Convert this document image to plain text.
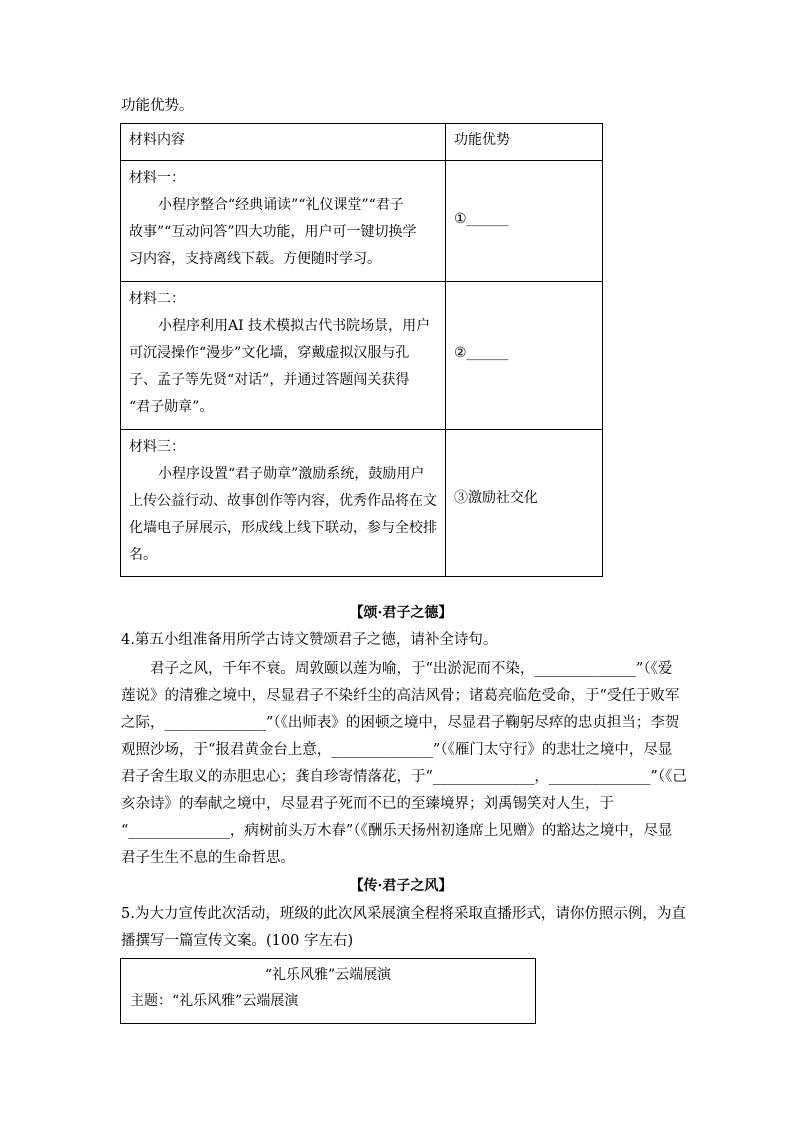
功能优势。
材料内容	功能优势

材料一：
小程序整合“经典诵读”“礼仪课堂”“君子
故事”“互动问答”四大功能，用户可一键切换学
习内容，支持离线下载。方便随时学习。	①______

材料二：
小程序利用AI 技术模拟古代书院场景，用户
可沉浸操作“漫步”文化墙，穿戴虚拟汉服与孔
子、孟子等先贤“对话”，并通过答题闯关获得
“君子勋章”。	②______

材料三：
小程序设置“君子勋章”激励系统，鼓励用户
上传公益行动、故事创作等内容，优秀作品将在文
化墙电子屏展示，形成线上线下联动，参与全校排
名。	③激励社交化
【颂·君子之德】
4.第五小组准备用所学古诗文赞颂君子之德，请补全诗句。
君子之风，千年不衰。周敦颐以莲为喻，于“出淤泥而不染，______________”（《爱
莲说》的清雅之境中，尽显君子不染纤尘的高洁风骨；诸葛亮临危受命，于“受任于败军
之际，______________”（《出师表》的困顿之境中，尽显君子鞠躬尽瘁的忠贞担当；李贺
观照沙场，于“报君黄金台上意，______________”（《雁门太守行》的悲壮之境中，尽显
君子舍生取义的赤胆忠心；龚自珍寄情落花，于“______________，______________”（《己
亥杂诗》的奉献之境中，尽显君子死而不已的至臻境界；刘禹锡笑对人生，于
“______________，病树前头万木春”（《酬乐天扬州初逢席上见赠》的豁达之境中，尽显
君子生生不息的生命哲思。
【传·君子之风】
5.为大力宣传此次活动，班级的此次风采展演全程将采取直播形式，请你仿照示例，为直
播撰写一篇宣传文案。(100 字左右)
“礼乐风雅”云端展演
主题：“礼乐风雅”云端展演
